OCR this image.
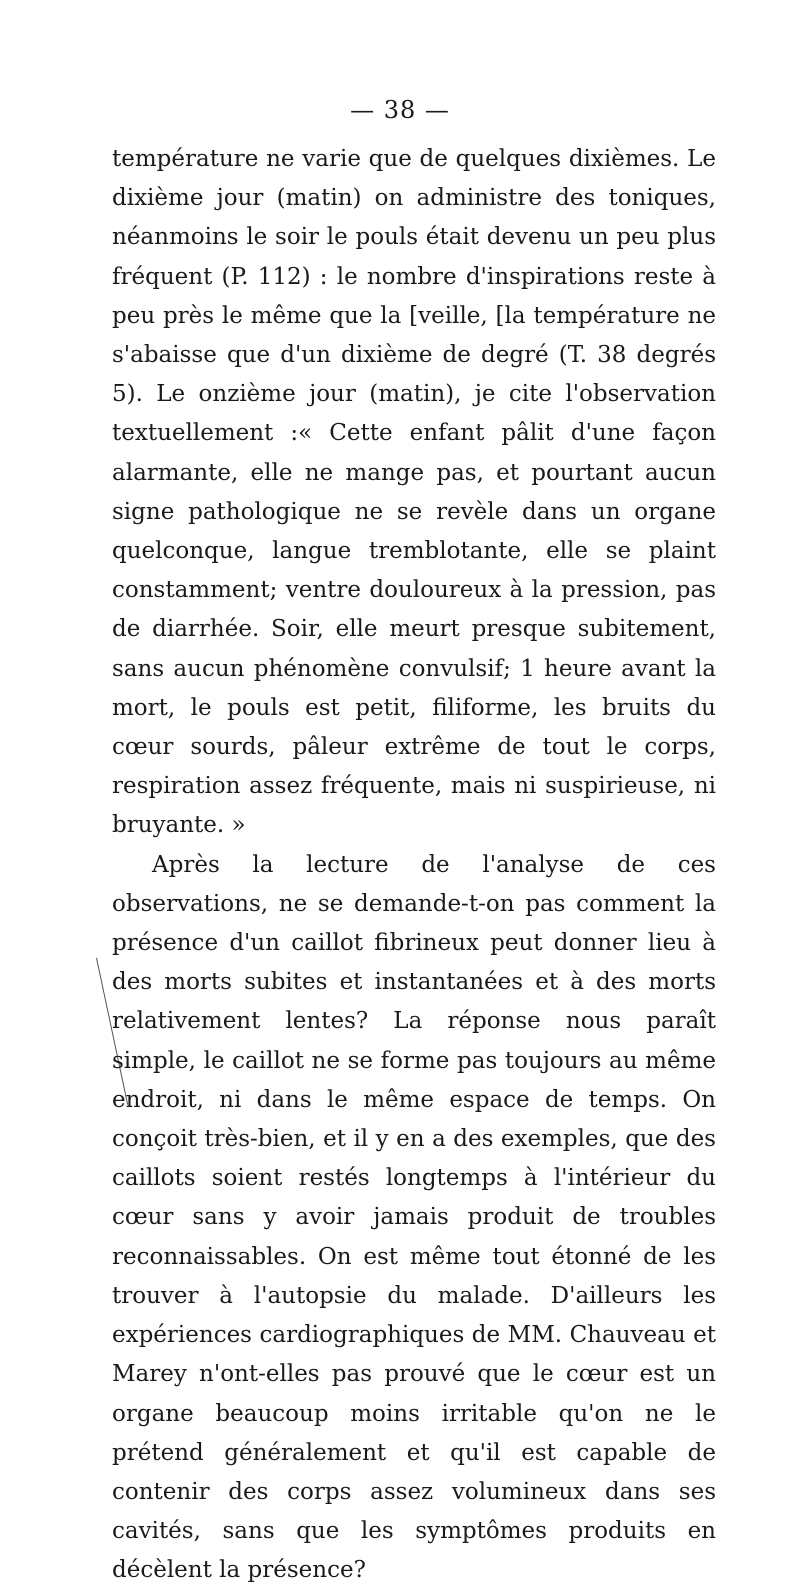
— 38 —

température ne varie que de quelques dixièmes. Le dixième jour (matin) on administre des toniques, néanmoins le soir le pouls était devenu un peu plus fréquent (P. 112) : le nombre d'inspirations reste à peu près le même que la [veille, [la température ne s'abaisse que d'un dixième de degré (T. 38 degrés 5). Le onzième jour (matin), je cite l'observation textuellement :« Cette enfant pâlit d'une façon alarmante, elle ne mange pas, et pourtant aucun signe pathologique ne se revèle dans un organe quelconque, langue tremblotante, elle se plaint constamment; ventre douloureux à la pression, pas de diarrhée. Soir, elle meurt presque subitement, sans aucun phénomène convulsif; 1 heure avant la mort, le pouls est petit, filiforme, les bruits du cœur sourds, pâleur extrême de tout le corps, respiration assez fréquente, mais ni suspirieuse, ni bruyante. »

Après la lecture de l'analyse de ces observations, ne se demande-t-on pas comment la présence d'un caillot fibrineux peut donner lieu à des morts subites et instantanées et à des morts relativement lentes? La réponse nous paraît simple, le caillot ne se forme pas toujours au même endroit, ni dans le même espace de temps. On conçoit très-bien, et il y en a des exemples, que des caillots soient restés longtemps à l'intérieur du cœur sans y avoir jamais produit de troubles reconnaissables. On est même tout étonné de les trouver à l'autopsie du malade. D'ailleurs les expériences cardiographiques de MM. Chauveau et Marey n'ont-elles pas prouvé que le cœur est un organe beaucoup moins irritable qu'on ne le prétend généralement et qu'il est capable de contenir des corps assez volumineux dans ses cavités, sans que les symptômes produits en décèlent la présence?
